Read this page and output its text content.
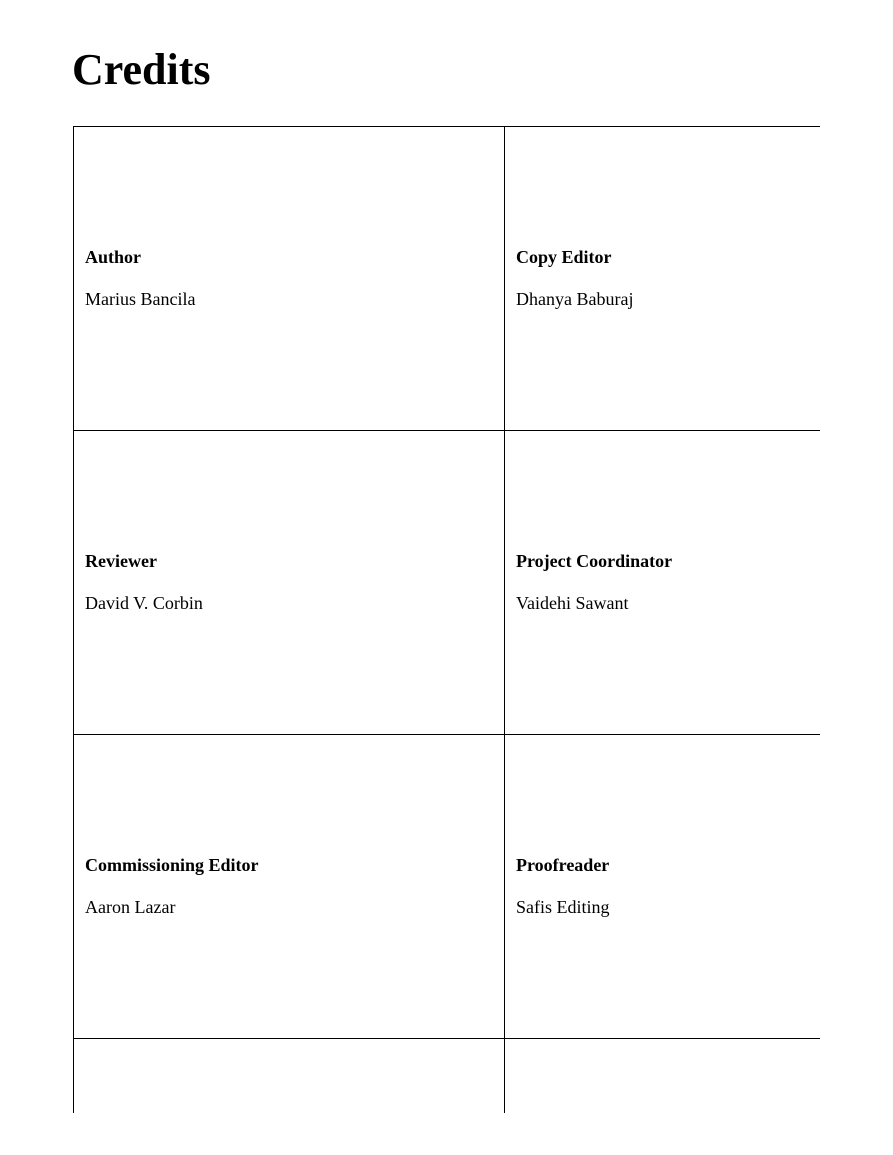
Credits
Author
Marius Bancila
Copy Editor
Dhanya Baburaj
Reviewer
David V. Corbin
Project Coordinator
Vaidehi Sawant
Commissioning Editor
Aaron Lazar
Proofreader
Safis Editing
